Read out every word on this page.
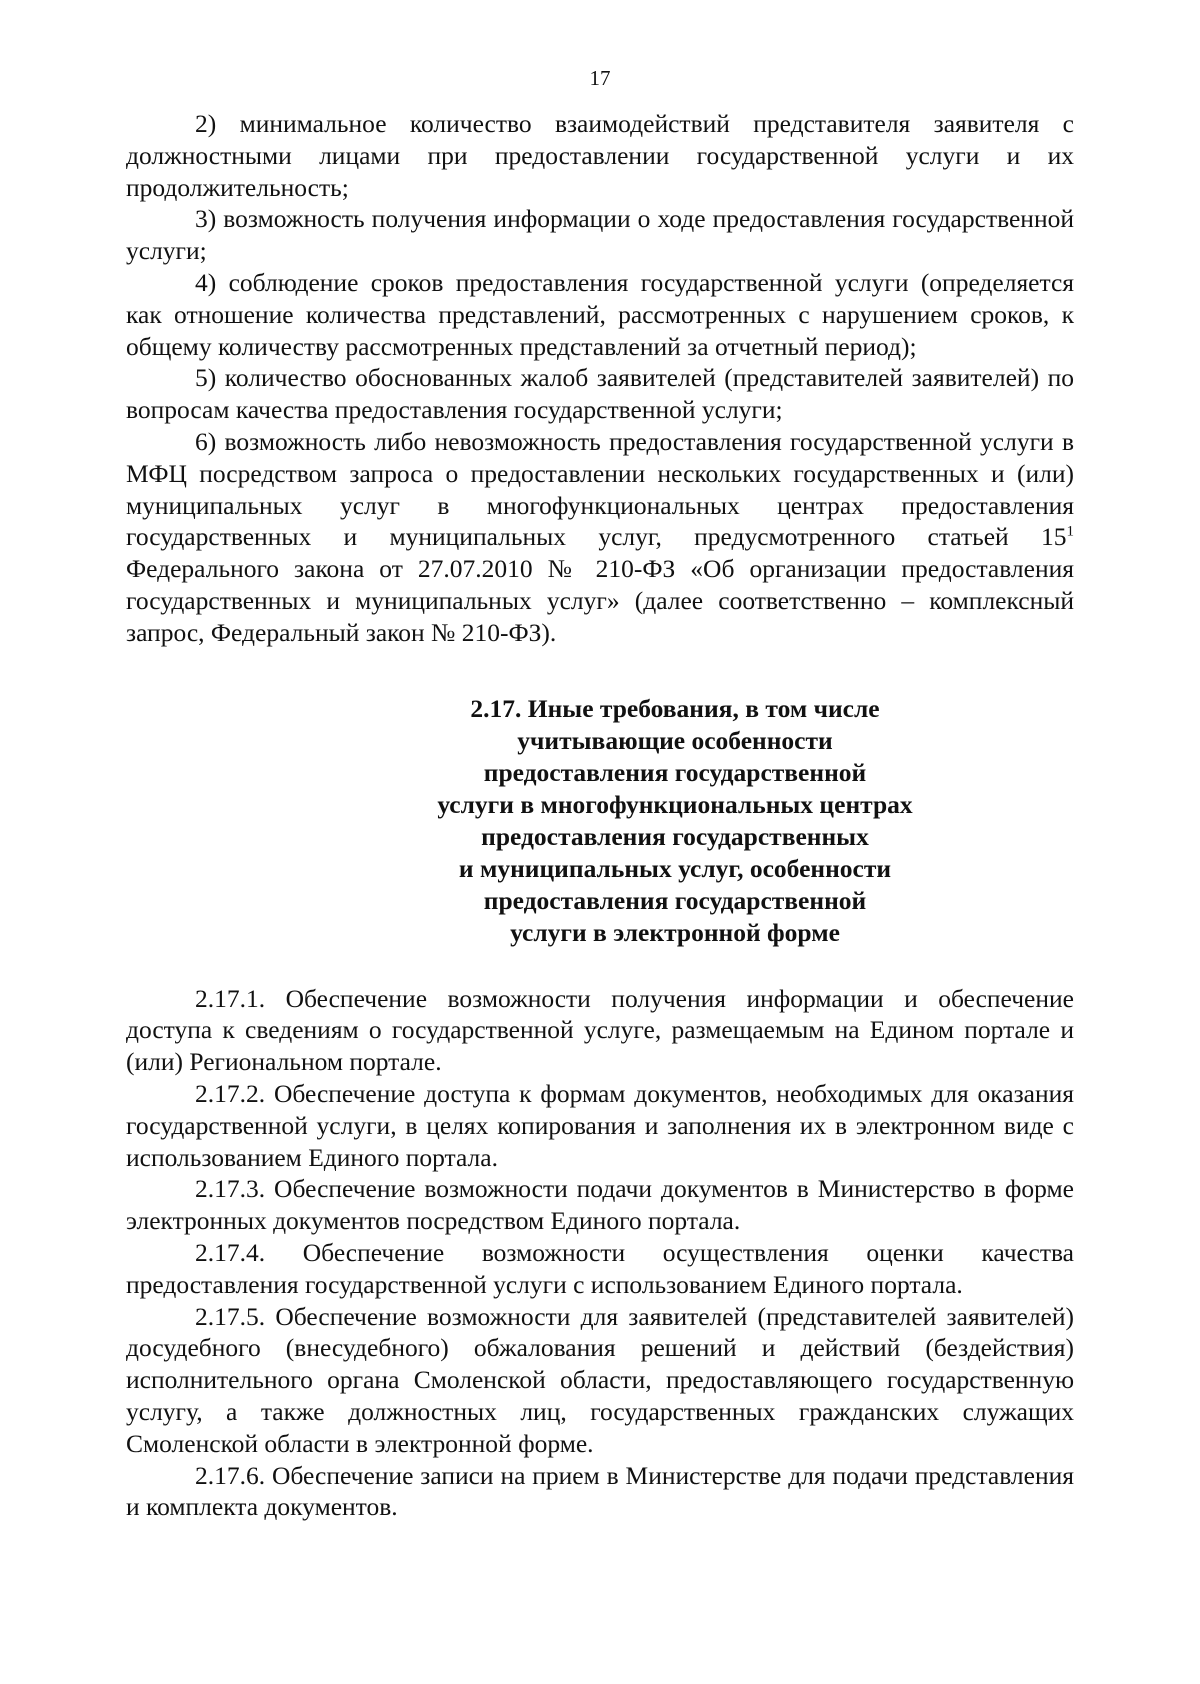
17

2) минимальное количество взаимодействий представителя заявителя с должностными лицами при предоставлении государственной услуги и их продолжительность;

3) возможность получения информации о ходе предоставления государственной услуги;

4) соблюдение сроков предоставления государственной услуги (определяется как отношение количества представлений, рассмотренных с нарушением сроков, к общему количеству рассмотренных представлений за отчетный период);

5) количество обоснованных жалоб заявителей (представителей заявителей) по вопросам качества предоставления государственной услуги;

6) возможность либо невозможность предоставления государственной услуги в МФЦ посредством запроса о предоставлении нескольких государственных и (или) муниципальных услуг в многофункциональных центрах предоставления государственных и муниципальных услуг, предусмотренного статьей $15^1$ Федерального закона от 27.07.2010 № 210-ФЗ «Об организации предоставления государственных и муниципальных услуг» (далее соответственно – комплексный запрос, Федеральный закон № 210-ФЗ).

2.17. Иные требования, в том числе
учитывающие особенности
предоставления государственной
услуги в многофункциональных центрах
предоставления государственных
и муниципальных услуг, особенности
предоставления государственной
услуги в электронной форме

2.17.1. Обеспечение возможности получения информации и обеспечение доступа к сведениям о государственной услуге, размещаемым на Едином портале и (или) Региональном портале.

2.17.2. Обеспечение доступа к формам документов, необходимых для оказания государственной услуги, в целях копирования и заполнения их в электронном виде с использованием Единого портала.

2.17.3. Обеспечение возможности подачи документов в Министерство в форме электронных документов посредством Единого портала.

2.17.4. Обеспечение возможности осуществления оценки качества предоставления государственной услуги с использованием Единого портала.

2.17.5. Обеспечение возможности для заявителей (представителей заявителей) досудебного (внесудебного) обжалования решений и действий (бездействия) исполнительного органа Смоленской области, предоставляющего государственную услугу, а также должностных лиц, государственных гражданских служащих Смоленской области в электронной форме.

2.17.6. Обеспечение записи на прием в Министерстве для подачи представления и комплекта документов.
